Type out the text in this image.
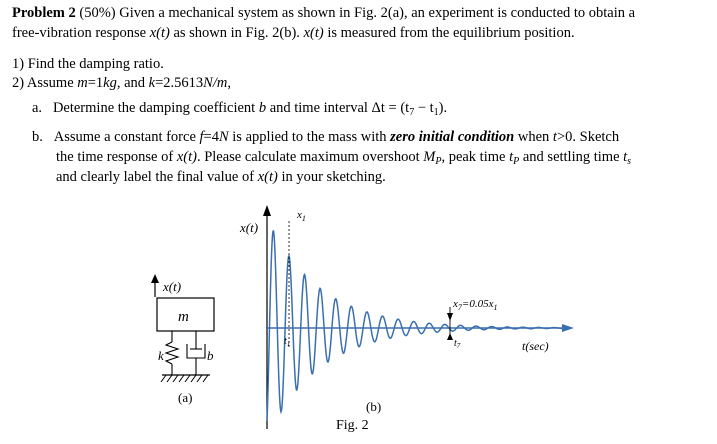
Problem 2 (50%) Given a mechanical system as shown in Fig. 2(a), an experiment is conducted to obtain a
free-vibration response x(t) as shown in Fig. 2(b). x(t) is measured from the equilibrium position.
1) Find the damping ratio.
2) Assume m=1kg, and k=2.5613N/m,
a. Determine the damping coefficient b and time interval $\Delta t = (t_7 - t_1)$.
b. Assume a constant force f=4N is applied to the mass with zero initial condition when t>0. Sketch
the time response of x(t). Please calculate maximum overshoot $M_P$, peak time $t_P$ and settling time $t_s$
and clearly label the final value of x(t) in your sketching.
x(t)
m
k	b
(a)
x(t)
t(sec)
$x_1$
$t_1$
$x_7=0.05x_1$
$t_7$
(b)
Fig. 2
